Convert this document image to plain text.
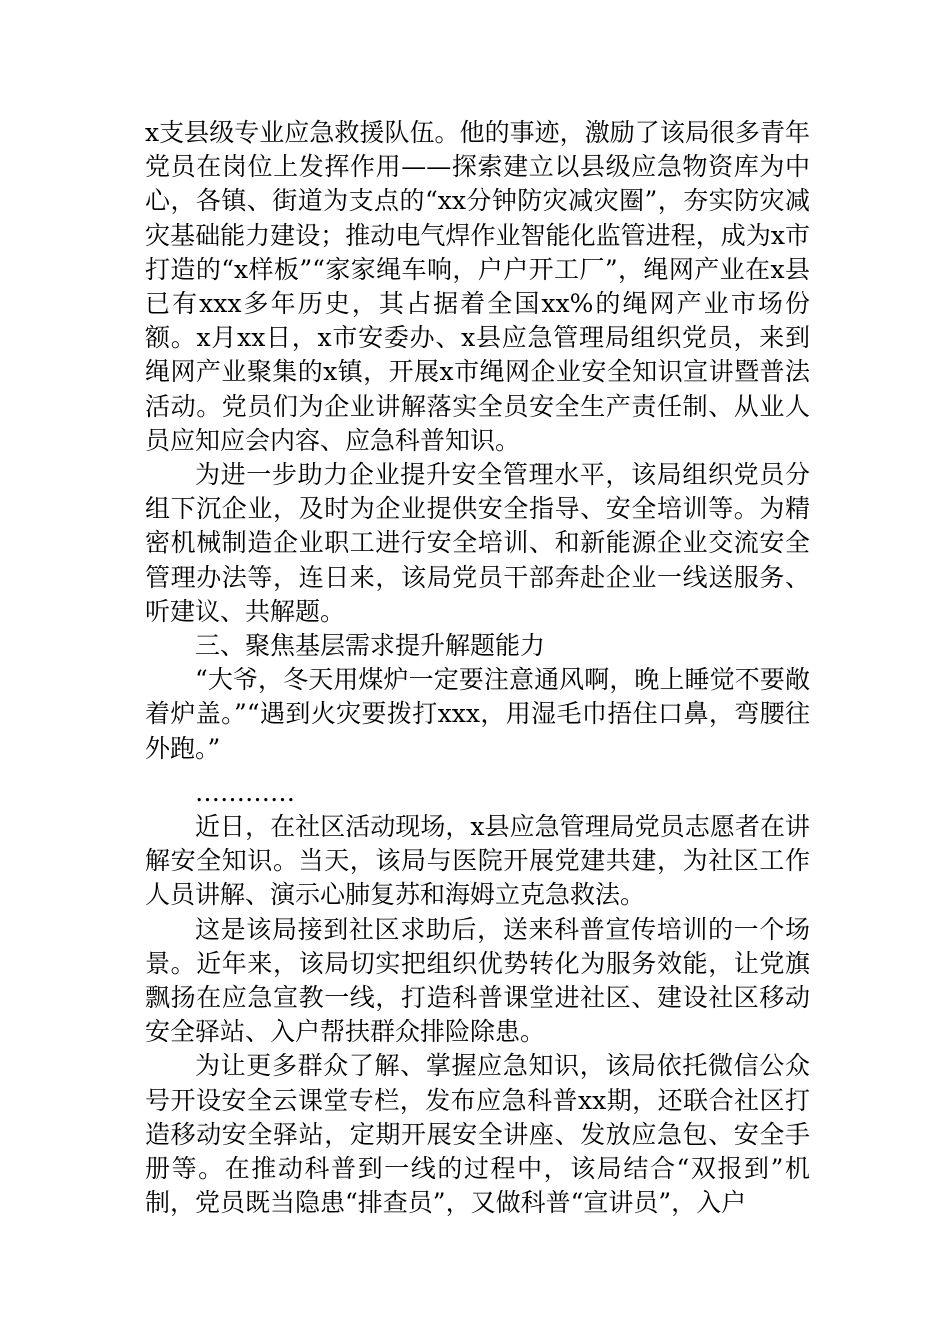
x支县级专业应急救援队伍。他的事迹，激励了该局很多青年党员在岗位上发挥作用——探索建立以县级应急物资库为中心，各镇、街道为支点的“xx分钟防灾减灾圈”，夯实防灾减灾基础能力建设；推动电气焊作业智能化监管进程，成为x市打造的“x样板”“家家绳车响，户户开工厂”，绳网产业在x县已有xxx多年历史，其占据着全国xx%的绳网产业市场份额。x月xx日，x市安委办、x县应急管理局组织党员，来到绳网产业聚集的x镇，开展x市绳网企业安全知识宣讲暨普法活动。党员们为企业讲解落实全员安全生产责任制、从业人员应知应会内容、应急科普知识。

为进一步助力企业提升安全管理水平，该局组织党员分组下沉企业，及时为企业提供安全指导、安全培训等。为精密机械制造企业职工进行安全培训、和新能源企业交流安全管理办法等，连日来，该局党员干部奔赴企业一线送服务、听建议、共解题。

三、聚焦基层需求提升解题能力

“大爷，冬天用煤炉一定要注意通风啊，晚上睡觉不要敞着炉盖。”“遇到火灾要拨打xxx，用湿毛巾捂住口鼻，弯腰往外跑。”

…………

近日，在社区活动现场，x县应急管理局党员志愿者在讲解安全知识。当天，该局与医院开展党建共建，为社区工作人员讲解、演示心肺复苏和海姆立克急救法。

这是该局接到社区求助后，送来科普宣传培训的一个场景。近年来，该局切实把组织优势转化为服务效能，让党旗飘扬在应急宣教一线，打造科普课堂进社区、建设社区移动安全驿站、入户帮扶群众排险除患。

为让更多群众了解、掌握应急知识，该局依托微信公众号开设安全云课堂专栏，发布应急科普xx期，还联合社区打造移动安全驿站，定期开展安全讲座、发放应急包、安全手册等。在推动科普到一线的过程中，该局结合“双报到”机制，党员既当隐患“排查员”，又做科普“宣讲员”，入户
